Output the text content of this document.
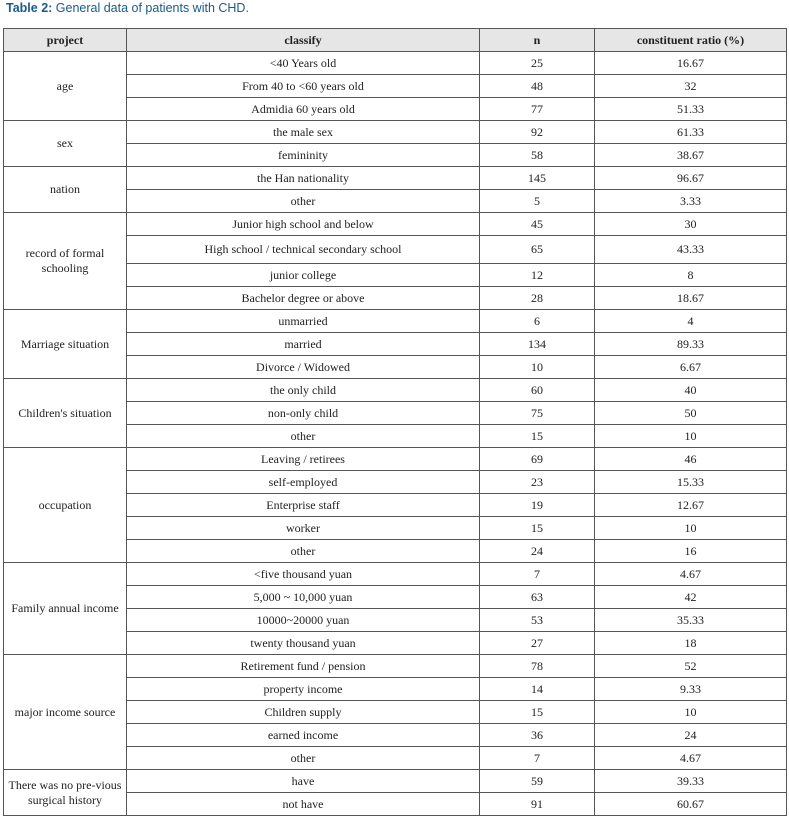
Table 2: General data of patients with CHD.
project	classify	n	constituent ratio (%)
age	<40 Years old	25	16.67
	From 40 to <60 years old	48	32
	Admidia 60 years old	77	51.33
sex	the male sex	92	61.33
	femininity	58	38.67
nation	the Han nationality	145	96.67
	other	5	3.33
record of formal schooling	Junior high school and below	45	30
	High school / technical secondary school	65	43.33
	junior college	12	8
	Bachelor degree or above	28	18.67
Marriage situation	unmarried	6	4
	married	134	89.33
	Divorce / Widowed	10	6.67
Children's situation	the only child	60	40
	non-only child	75	50
	other	15	10
occupation	Leaving / retirees	69	46
	self-employed	23	15.33
	Enterprise staff	19	12.67
	worker	15	10
	other	24	16
Family annual income	<five thousand yuan	7	4.67
	5,000 ~ 10,000 yuan	63	42
	10000~20000 yuan	53	35.33
	twenty thousand yuan	27	18
major income source	Retirement fund / pension	78	52
	property income	14	9.33
	Children supply	15	10
	earned income	36	24
	other	7	4.67
There was no pre-vious surgical history	have	59	39.33
	not have	91	60.67
